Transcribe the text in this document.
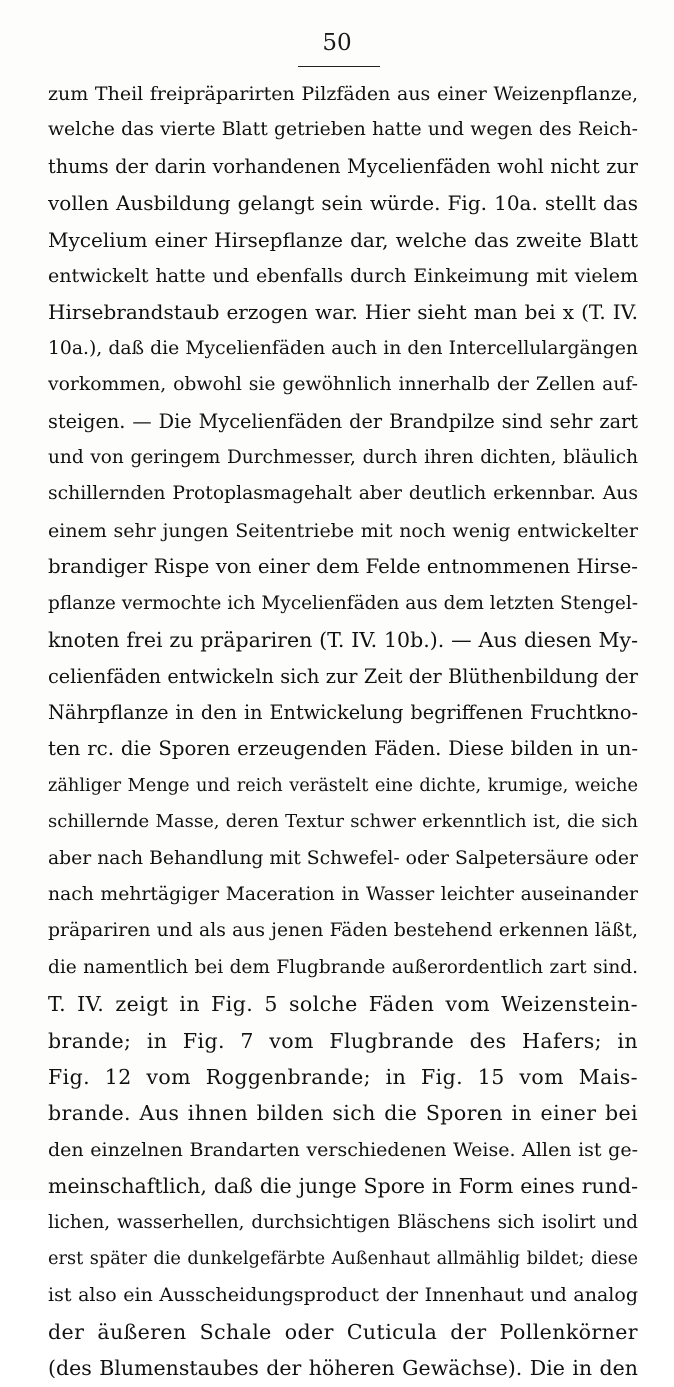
50
zum Theil freipräparirten Pilzfäden aus einer Weizenpflanze,
welche das vierte Blatt getrieben hatte und wegen des Reich-
thums der darin vorhandenen Mycelienfäden wohl nicht zur
vollen Ausbildung gelangt sein würde. Fig. 10a. stellt das
Mycelium einer Hirsepflanze dar, welche das zweite Blatt
entwickelt hatte und ebenfalls durch Einkeimung mit vielem
Hirsebrandstaub erzogen war. Hier sieht man bei x (T. IV.
10a.), daß die Mycelienfäden auch in den Intercellulargängen
vorkommen, obwohl sie gewöhnlich innerhalb der Zellen auf-
steigen. — Die Mycelienfäden der Brandpilze sind sehr zart
und von geringem Durchmesser, durch ihren dichten, bläulich
schillernden Protoplasmagehalt aber deutlich erkennbar. Aus
einem sehr jungen Seitentriebe mit noch wenig entwickelter
brandiger Rispe von einer dem Felde entnommenen Hirse-
pflanze vermochte ich Mycelienfäden aus dem letzten Stengel-
knoten frei zu präpariren (T. IV. 10b.). — Aus diesen My-
celienfäden entwickeln sich zur Zeit der Blüthenbildung der
Nährpflanze in den in Entwickelung begriffenen Fruchtkno-
ten rc. die Sporen erzeugenden Fäden. Diese bilden in un-
zähliger Menge und reich verästelt eine dichte, krumige, weiche
schillernde Masse, deren Textur schwer erkenntlich ist, die sich
aber nach Behandlung mit Schwefel- oder Salpetersäure oder
nach mehrtägiger Maceration in Wasser leichter auseinander
präpariren und als aus jenen Fäden bestehend erkennen läßt,
die namentlich bei dem Flugbrande außerordentlich zart sind.
T. IV. zeigt in Fig. 5 solche Fäden vom Weizenstein-
brande; in Fig. 7 vom Flugbrande des Hafers; in
Fig. 12 vom Roggenbrande; in Fig. 15 vom Mais-
brande. Aus ihnen bilden sich die Sporen in einer bei
den einzelnen Brandarten verschiedenen Weise. Allen ist ge-
meinschaftlich, daß die junge Spore in Form eines rund-
lichen, wasserhellen, durchsichtigen Bläschens sich isolirt und
erst später die dunkelgefärbte Außenhaut allmählig bildet; diese
ist also ein Ausscheidungsproduct der Innenhaut und analog
der äußeren Schale oder Cuticula der Pollenkörner
(des Blumenstaubes der höheren Gewächse). Die in den
